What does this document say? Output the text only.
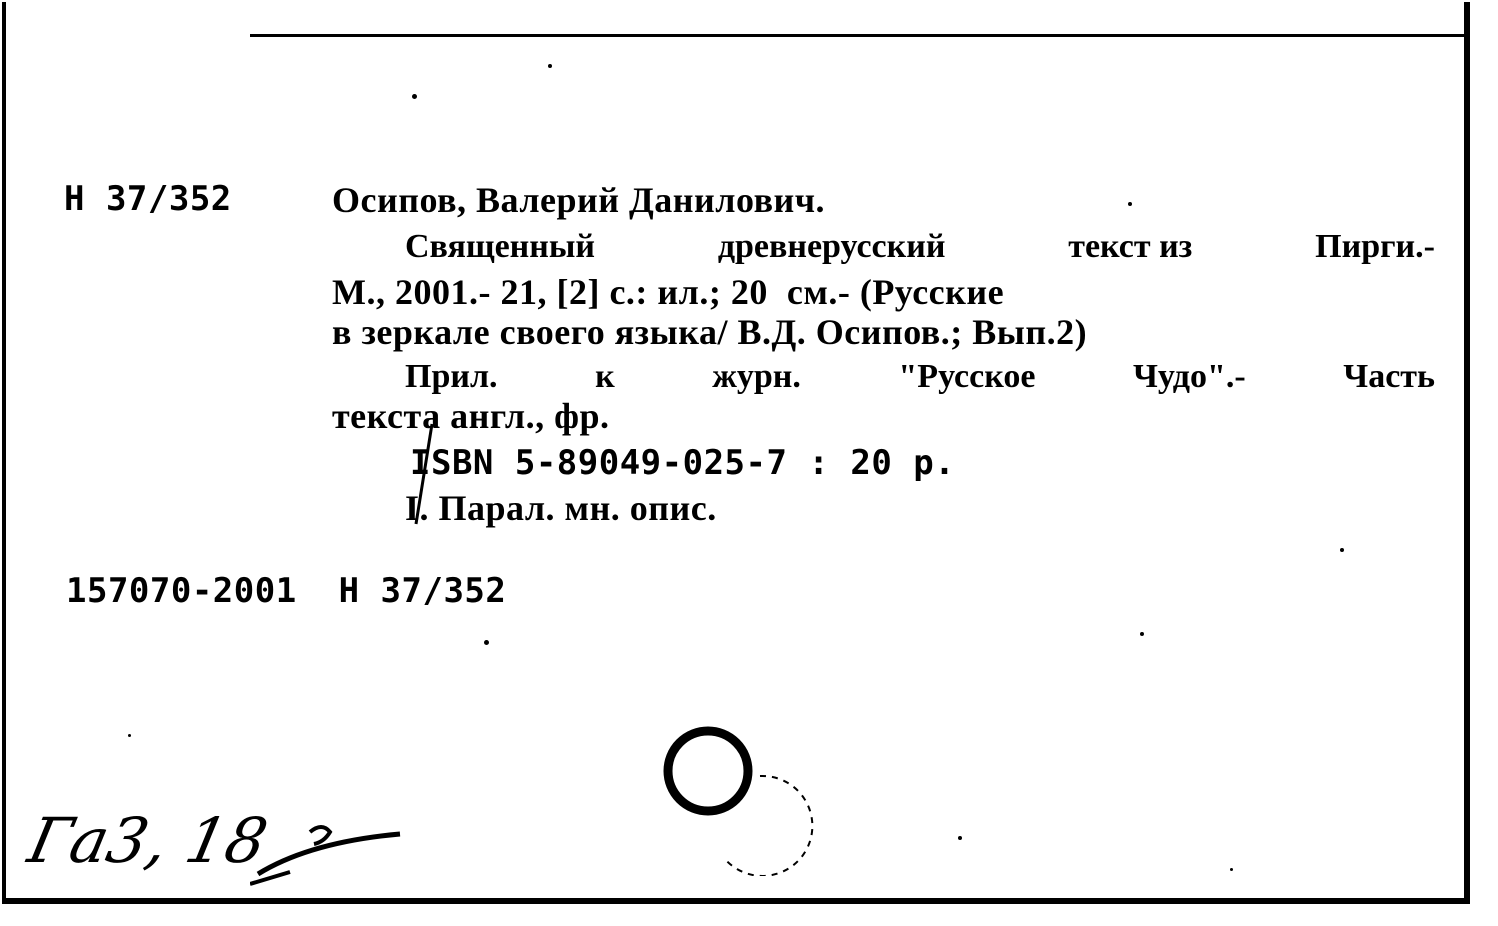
Н 37/352	Осипов, Валерий Данилович.
Священный	древнерусский	текст из	Пирги.-
М., 2001.- 21, [2] с.: ил.; 20  см.- (Русские
в зеркале своего языка/ В.Д. Осипов.; Вып.2)
Прил.	к	журн.	"Русское	Чудо".-	Часть
текста англ., фр.
ISBN 5-89049-025-7 : 20 р.
I. Парал. мн. опис.
157070-2001  Н 37/352
Га3, 18
